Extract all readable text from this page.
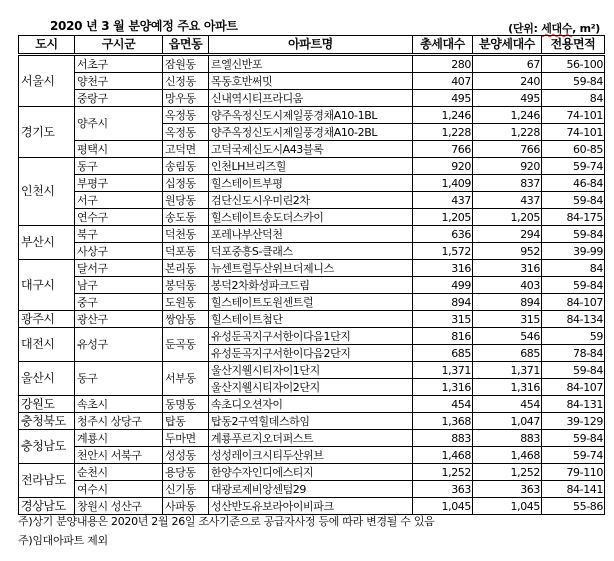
2020 년 3 월 분양예정 주요 아파트	(단위: 세대수, m²)
도시	구시군	읍면동	아파트명	총세대수	분양세대수	전용면적
서울시	서초구	잠원동	르엘신반포	280	67	56-100
	양천구	신정동	목동호반써밋	407	240	59-84
	중랑구	망우동	신내역시티프라디움	495	495	84
경기도	양주시	옥정동	양주옥정신도시제일풍경채A10-1BL	1,246	1,246	74-101
		옥정동	양주옥정신도시제일풍경채A10-2BL	1,228	1,228	74-101
	평택시	고덕면	고덕국제신도시A43블록	766	766	60-85
인천시	동구	송림동	인천LH브리즈힐	920	920	59-74
	부평구	십정동	힐스테이트부평	1,409	837	46-84
	서구	원당동	검단신도시우미린2차	437	437	59-84
	연수구	송도동	힐스테이트송도더스카이	1,205	1,205	84-175
부산시	북구	덕천동	포레나부산덕천	636	294	59-84
	사상구	덕포동	덕포중흥S-클래스	1,572	952	39-99
대구시	달서구	본리동	뉴센트럴두산위브더제니스	316	316	84
	남구	봉덕동	봉덕2차화성파크드림	499	403	59-84
	중구	도원동	힐스테이트도원센트럴	894	894	84-107
광주시	광산구	쌍암동	힐스테이트첨단	315	315	84-134
대전시	유성구	둔곡동	유성둔곡지구서한이다음1단지	816	546	59
			유성둔곡지구서한이다음2단지	685	685	78-84
울산시	동구	서부동	울산지웰시티자이1단지	1,371	1,371	59-84
			울산지웰시티자이2단지	1,316	1,316	84-107
강원도	속초시	동명동	속초디오션자이	454	454	84-131
충청북도	청주시 상당구	탑동	탑동2구역힐데스하임	1,368	1,047	39-129
충청남도	계룡시	두마면	계룡푸르지오더퍼스트	883	883	59-84
	천안시 서북구	성성동	성성레이크시티두산위브	1,468	1,468	59-74
전라남도	순천시	용당동	한양수자인디에스티지	1,252	1,252	79-110
	여수시	신기동	대광로제비앙센텀29	363	363	84-141
경상남도	창원시 성산구	사파동	성산반도유보라아이비파크	1,045	1,045	55-86
주)상기 분양내용은 2020년 2월 26일 조사기준으로 공급자사정 등에 따라 변경될 수 있음
주)임대아파트 제외
